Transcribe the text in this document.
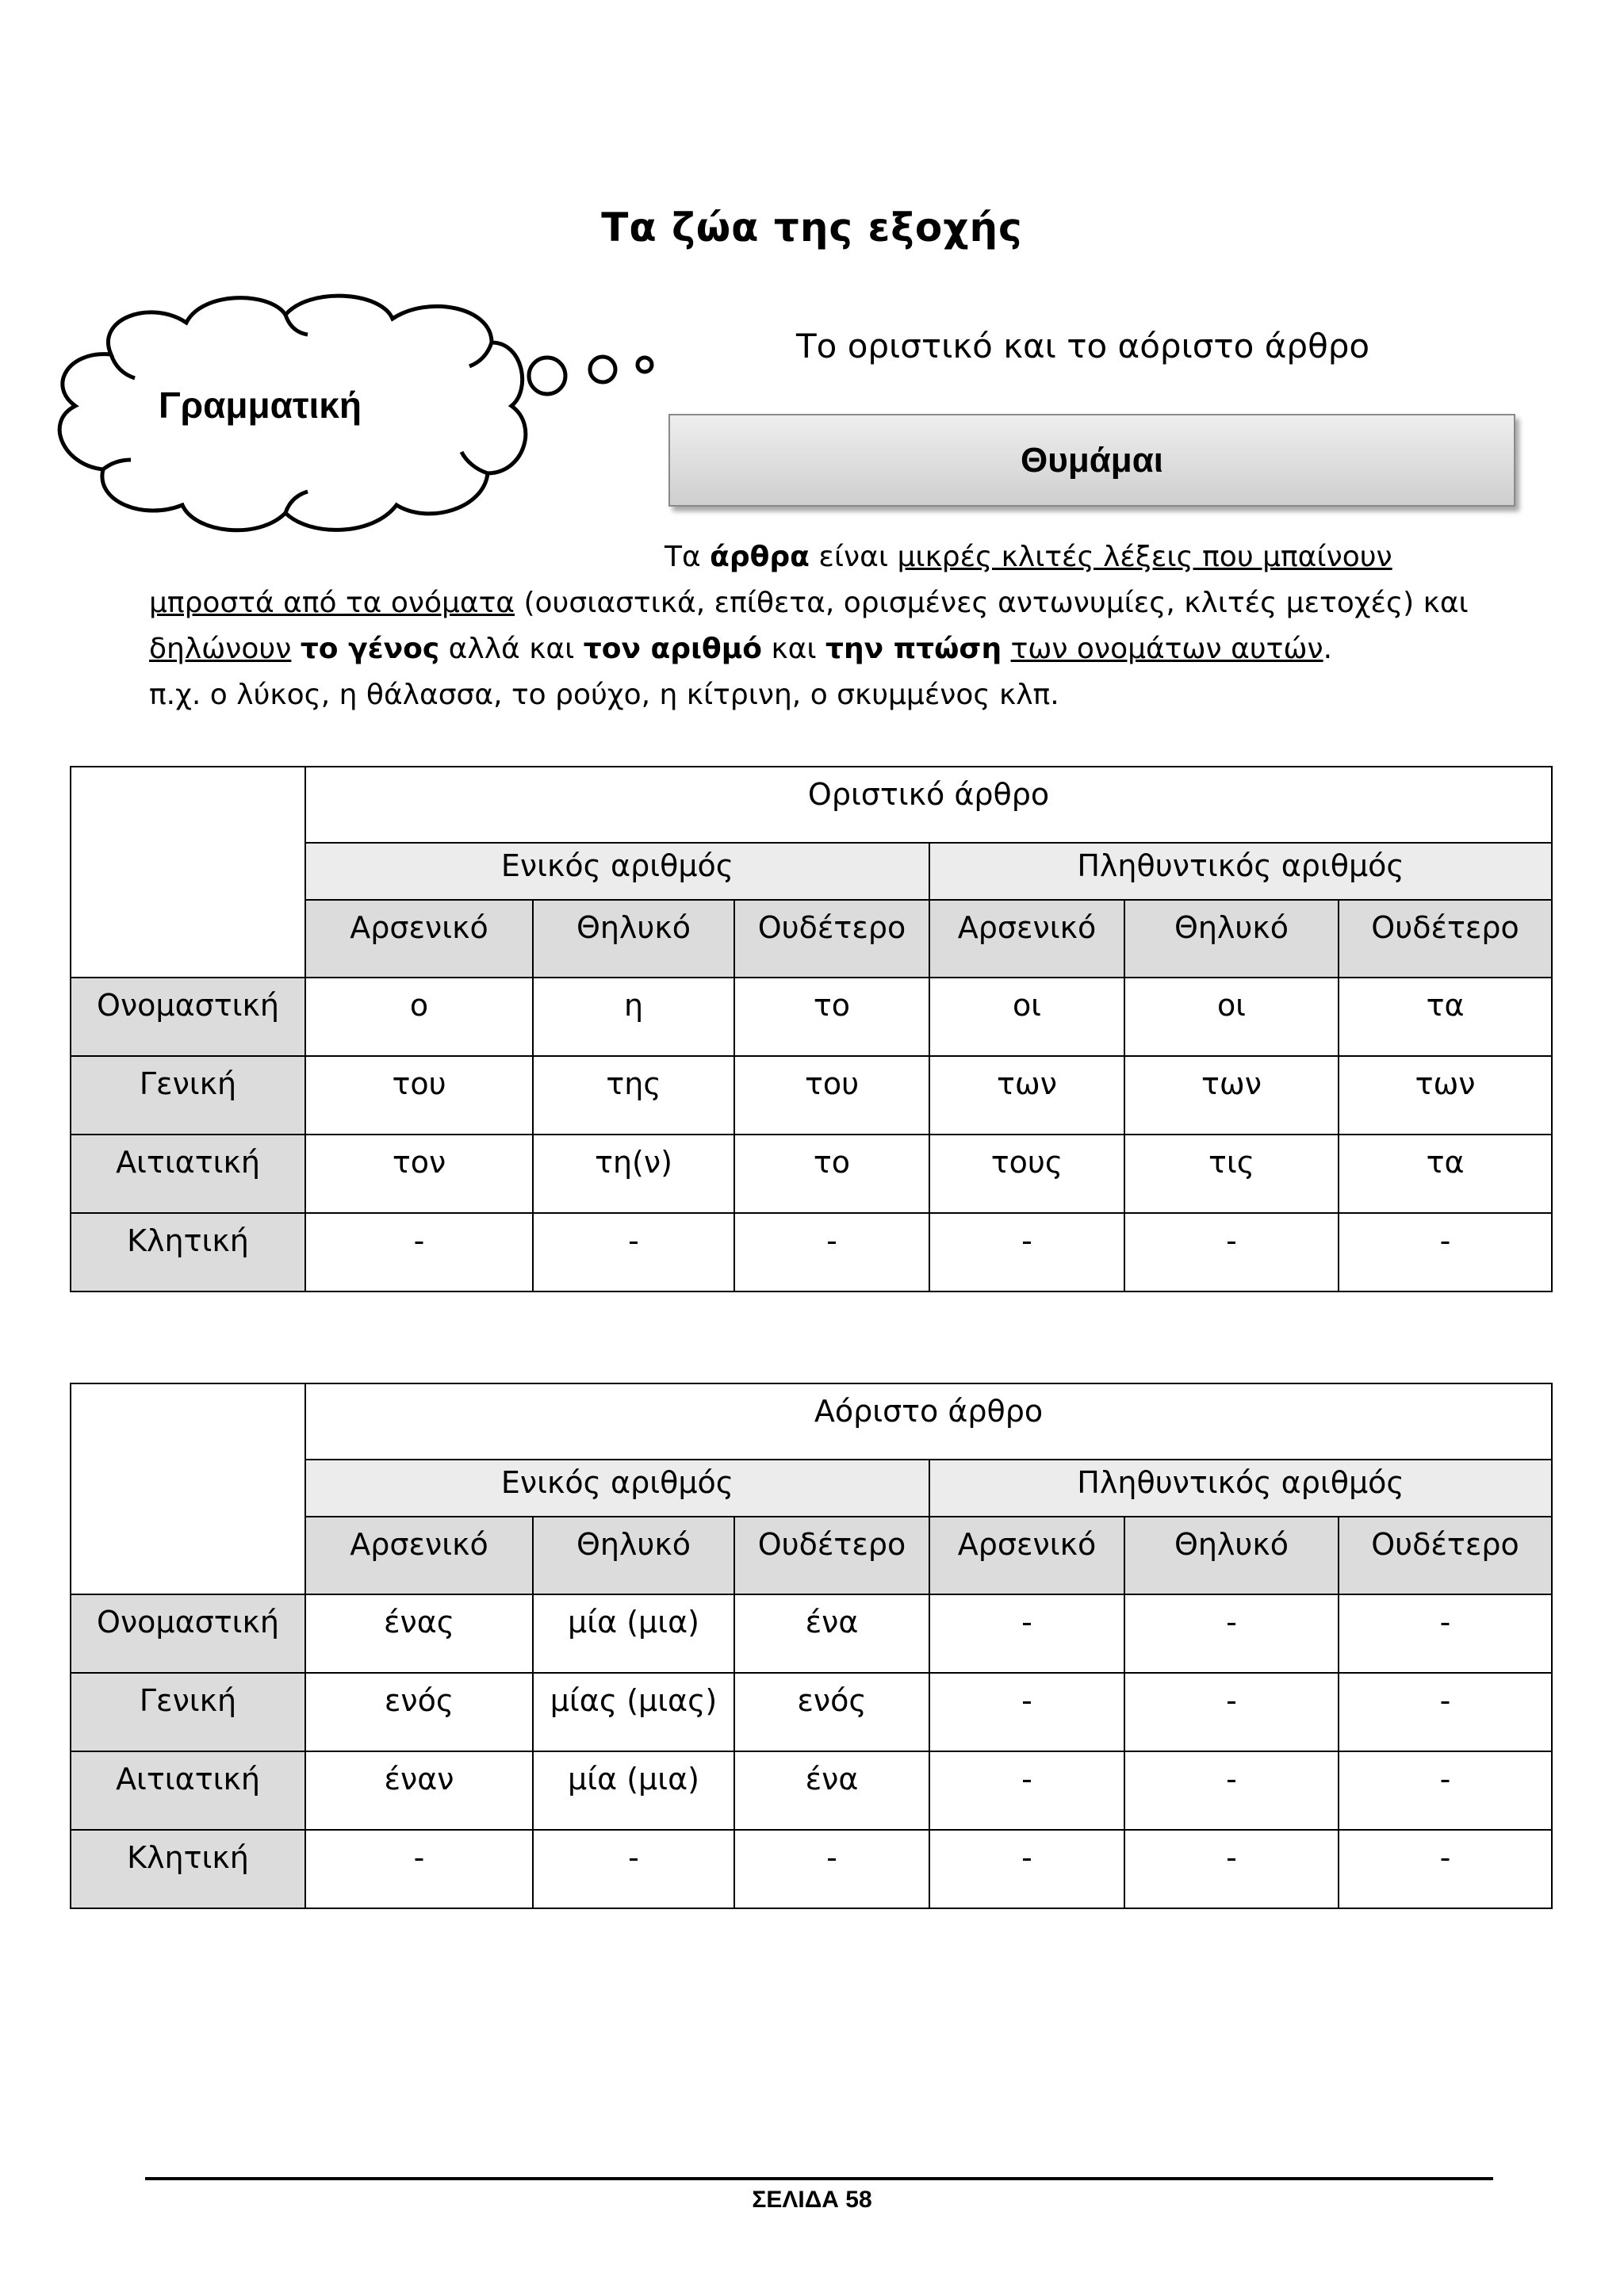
Τα ζώα της εξοχής
Γραμματική
Το οριστικό και το αόριστο άρθρο
Θυμάμαι
Τα άρθρα είναι μικρές κλιτές λέξεις που μπαίνουν
μπροστά από τα ονόματα (ουσιαστικά, επίθετα, ορισμένες αντωνυμίες, κλιτές μετοχές) και
δηλώνουν το γένος αλλά και τον αριθμό και την πτώση των ονομάτων αυτών.
π.χ. ο λύκος, η θάλασσα, το ρούχο, η κίτρινη, ο σκυμμένος κλπ.
	Οριστικό άρθρο					
	Ενικός αριθμός			Πληθυντικός αριθμός		
	Αρσενικό	Θηλυκό	Ουδέτερο	Αρσενικό	Θηλυκό	Ουδέτερο
Ονομαστική	ο	η	το	οι	οι	τα
Γενική	του	της	του	των	των	των
Αιτιατική	τον	τη(ν)	το	τους	τις	τα
Κλητική	-	-	-	-	-	-
	Αόριστο άρθρο					
	Ενικός αριθμός			Πληθυντικός αριθμός		
	Αρσενικό	Θηλυκό	Ουδέτερο	Αρσενικό	Θηλυκό	Ουδέτερο
Ονομαστική	ένας	μία (μια)	ένα	-	-	-
Γενική	ενός	μίας (μιας)	ενός	-	-	-
Αιτιατική	έναν	μία (μια)	ένα	-	-	-
Κλητική	-	-	-	-	-	-
ΣΕΛΙΔΑ 58
